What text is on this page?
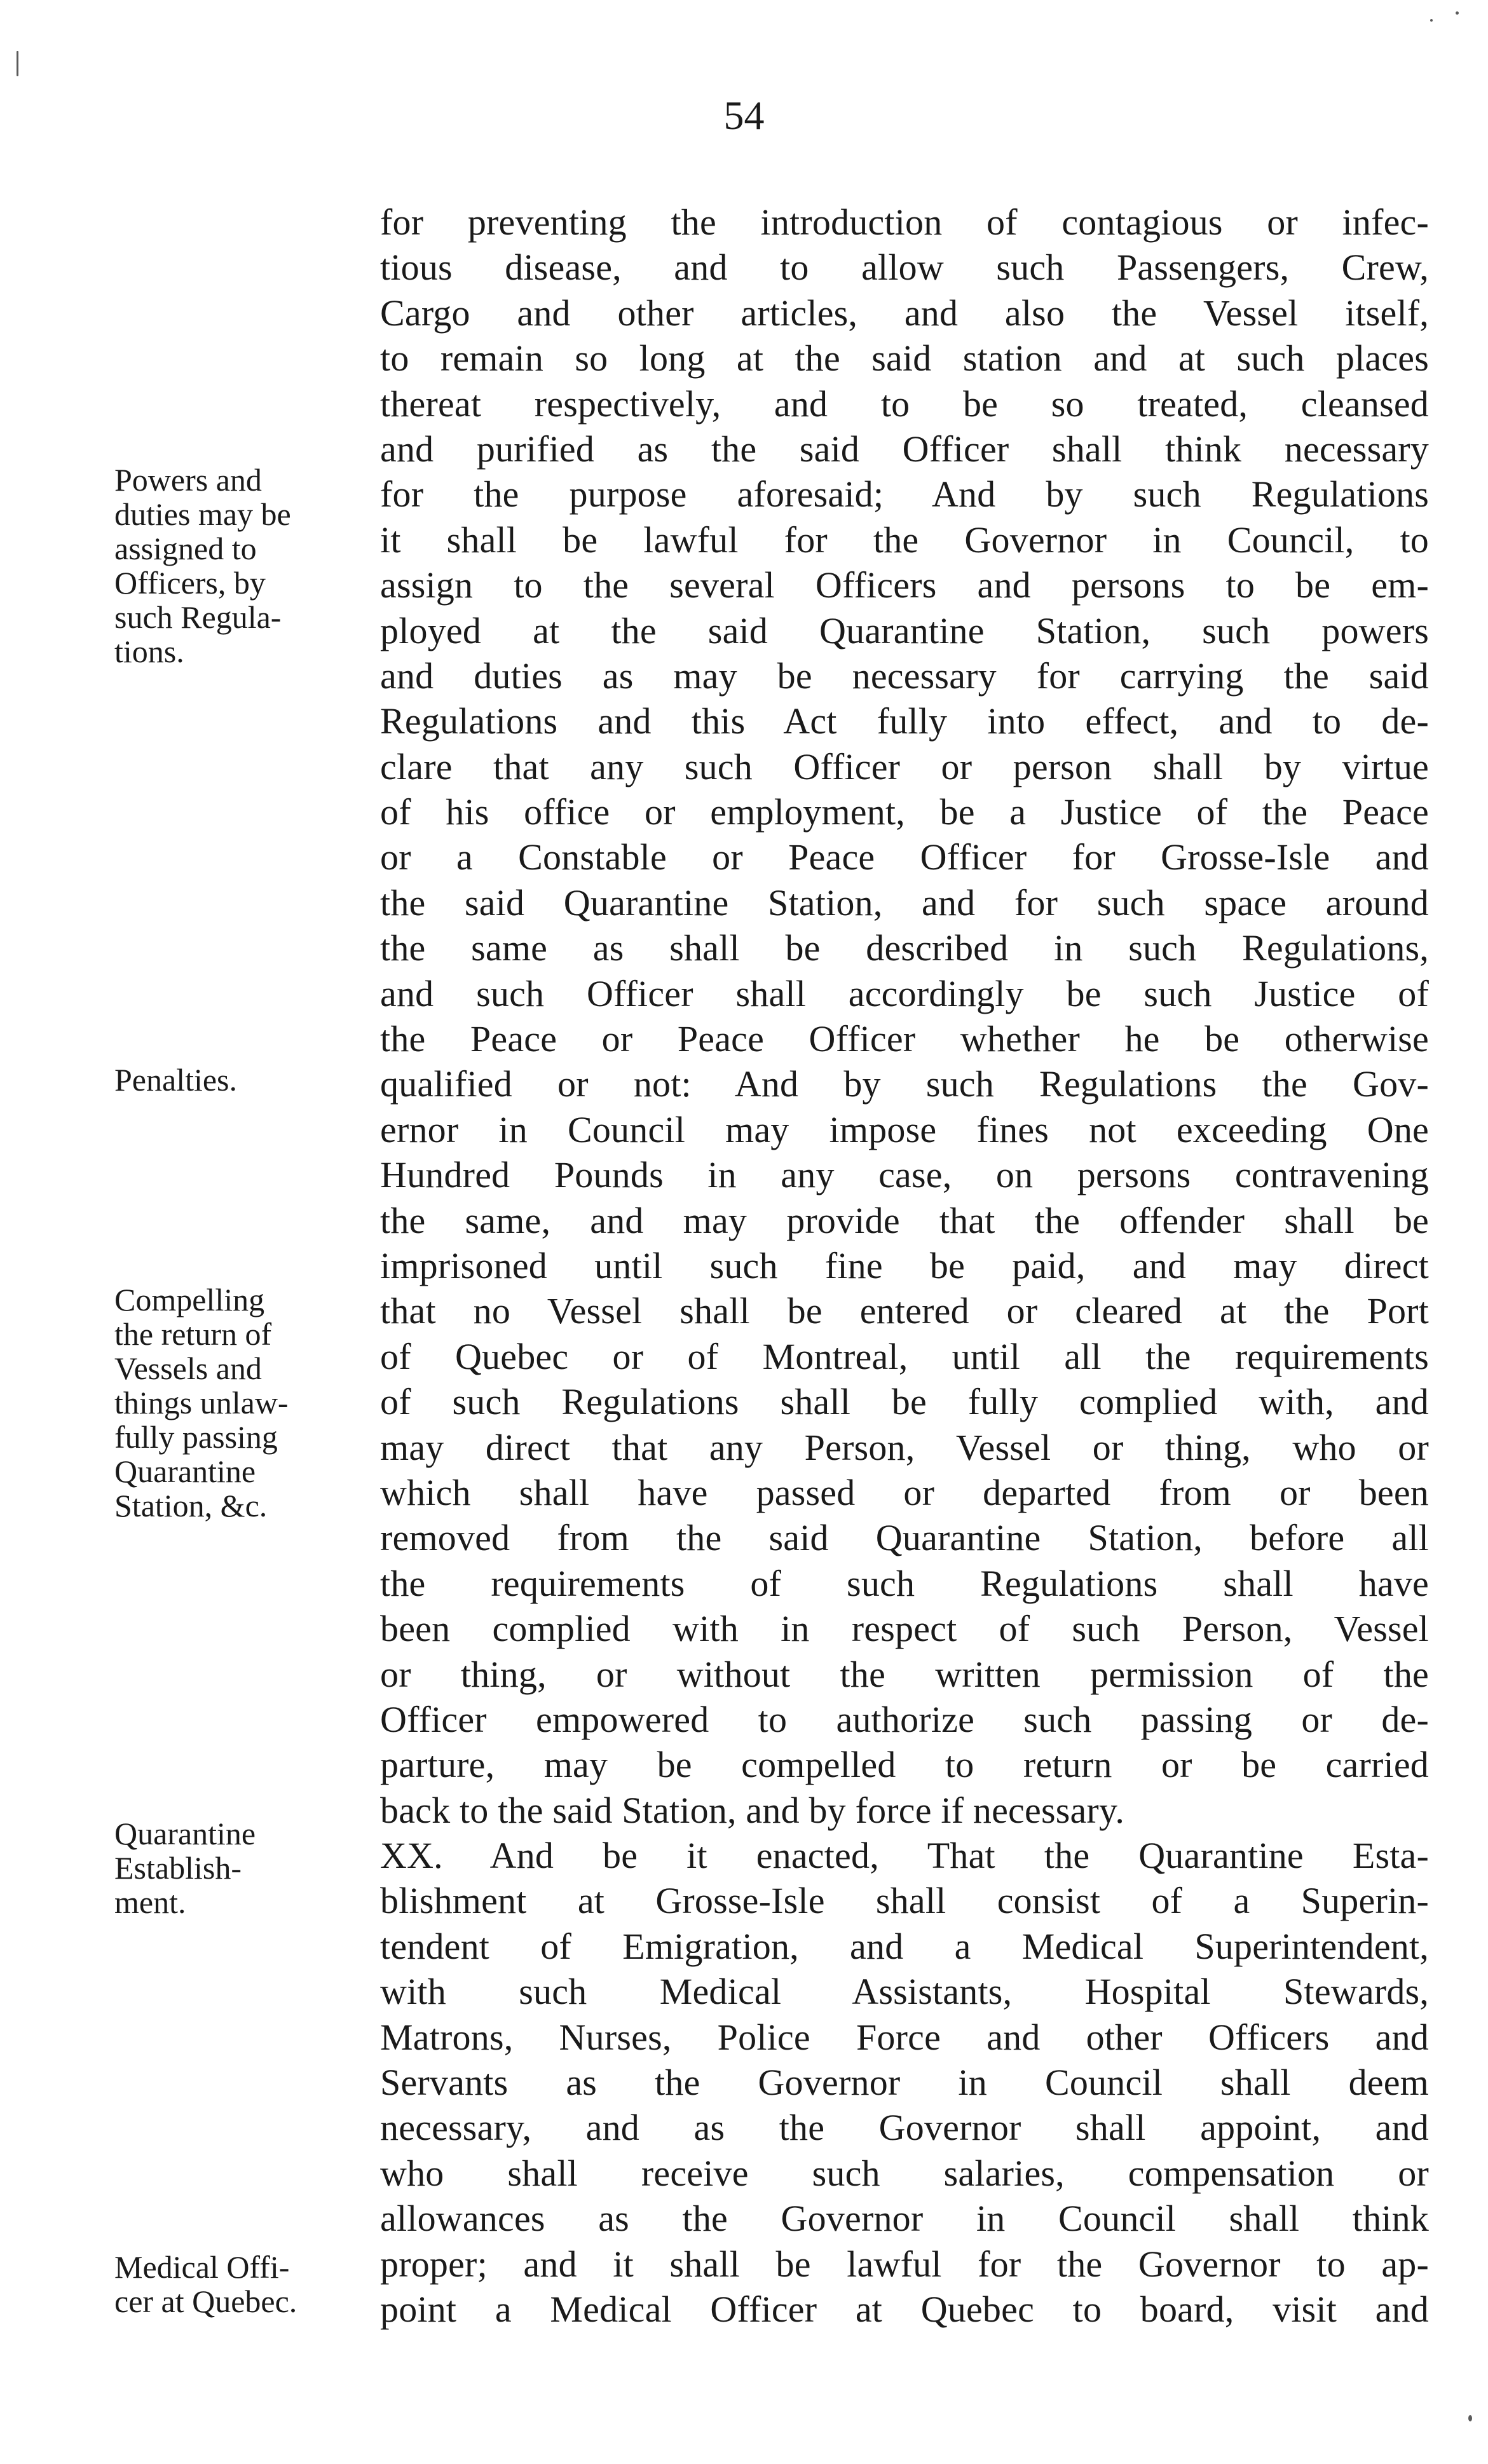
54
Powers and
duties may be
assigned to
Officers, by
such Regula-
tions.
Penalties.
Compelling
the return of
Vessels and
things unlaw-
fully passing
Quarantine
Station, &c.
Quarantine
Establish-
ment.
Medical Offi-
cer at Quebec.
for preventing the introduction of contagious or infec-
tious disease, and to allow such Passengers, Crew,
Cargo and other articles, and also the Vessel itself,
to remain so long at the said station and at such places
thereat respectively, and to be so treated, cleansed
and purified as the said Officer shall think necessary
for the purpose aforesaid; And by such Regulations
it shall be lawful for the Governor in Council, to
assign to the several Officers and persons to be em-
ployed at the said Quarantine Station, such powers
and duties as may be necessary for carrying the said
Regulations and this Act fully into effect, and to de-
clare that any such Officer or person shall by virtue
of his office or employment, be a Justice of the Peace
or a Constable or Peace Officer for Grosse-Isle and
the said Quarantine Station, and for such space around
the same as shall be described in such Regulations,
and such Officer shall accordingly be such Justice of
the Peace or Peace Officer whether he be otherwise
qualified or not: And by such Regulations the Gov-
ernor in Council may impose fines not exceeding One
Hundred Pounds in any case, on persons contravening
the same, and may provide that the offender shall be
imprisoned until such fine be paid, and may direct
that no Vessel shall be entered or cleared at the Port
of Quebec or of Montreal, until all the requirements
of such Regulations shall be fully complied with, and
may direct that any Person, Vessel or thing, who or
which shall have passed or departed from or been
removed from the said Quarantine Station, before all
the requirements of such Regulations shall have
been complied with in respect of such Person, Vessel
or thing, or without the written permission of the
Officer empowered to authorize such passing or de-
parture, may be compelled to return or be carried
back to the said Station, and by force if necessary.
XX. And be it enacted, That the Quarantine Esta-
blishment at Grosse-Isle shall consist of a Superin-
tendent of Emigration, and a Medical Superintendent,
with such Medical Assistants, Hospital Stewards,
Matrons, Nurses, Police Force and other Officers and
Servants as the Governor in Council shall deem
necessary, and as the Governor shall appoint, and
who shall receive such salaries, compensation or
allowances as the Governor in Council shall think
proper; and it shall be lawful for the Governor to ap-
point a Medical Officer at Quebec to board, visit and
